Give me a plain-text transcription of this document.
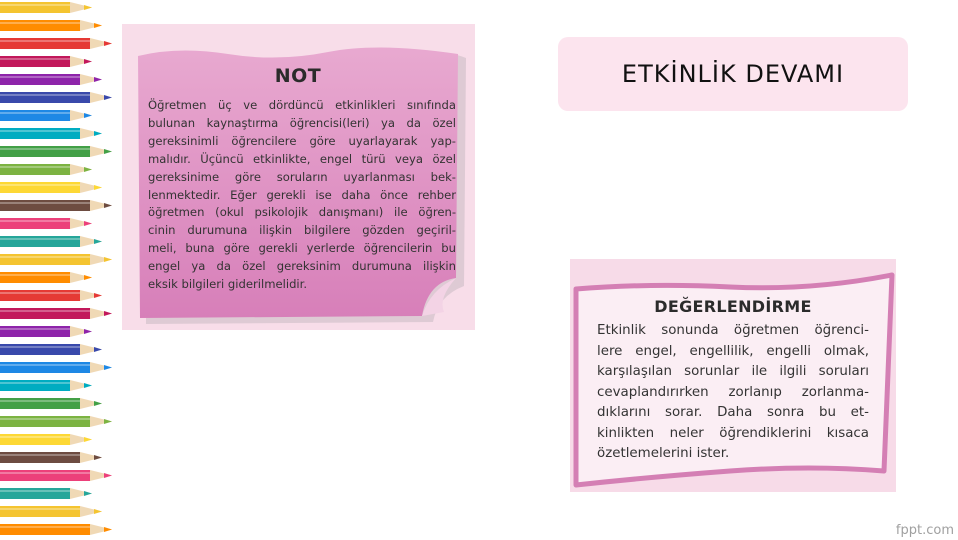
NOT
Öğretmen üç ve dördüncü etkinlikleri sınıfında
bulunan kaynaştırma öğrencisi(leri) ya da özel
gereksinimli öğrencilere göre uyarlayarak yap-
malıdır. Üçüncü etkinlikte, engel türü veya özel
gereksinime göre soruların uyarlanması bek-
lenmektedir. Eğer gerekli ise daha önce rehber
öğretmen (okul psikolojik danışmanı) ile öğren-
cinin durumuna ilişkin bilgilere gözden geçiril-
meli, buna göre gerekli yerlerde öğrencilerin bu
engel ya da özel gereksinim durumuna ilişkin
eksik bilgileri giderilmelidir.
ETKİNLİK DEVAMI
DEĞERLENDİRME
Etkinlik sonunda öğretmen öğrenci-
lere engel, engellilik, engelli olmak,
karşılaşılan sorunlar ile ilgili soruları
cevaplandırırken zorlanıp zorlanma-
dıklarını sorar. Daha sonra bu et-
kinlikten neler öğrendiklerini kısaca
özetlemelerini ister.
fppt.com
